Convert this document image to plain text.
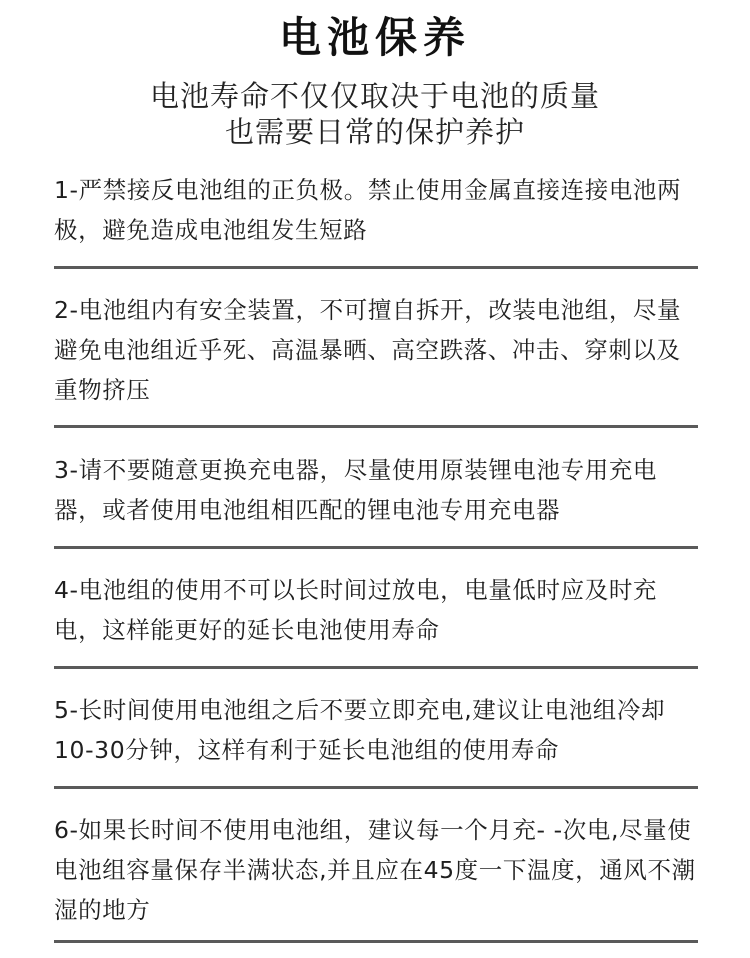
电池保养
电池寿命不仅仅取决于电池的质量
也需要日常的保护养护
1-严禁接反电池组的正负极。禁止使用金属直接连接电池两极，避免造成电池组发生短路
2-电池组内有安全装置，不可擅自拆开，改装电池组，尽量避免电池组近乎死、高温暴晒、高空跌落、冲击、穿刺以及重物挤压
3-请不要随意更换充电器，尽量使用原装锂电池专用充电器，或者使用电池组相匹配的锂电池专用充电器
4-电池组的使用不可以长时间过放电，电量低时应及时充电，这样能更好的延长电池使用寿命
5-长时间使用电池组之后不要立即充电,建议让电池组冷却10-30分钟，这样有利于延长电池组的使用寿命
6-如果长时间不使用电池组，建议每一个月充- -次电,尽量使电池组容量保存半满状态,并且应在45度一下温度，通风不潮湿的地方
